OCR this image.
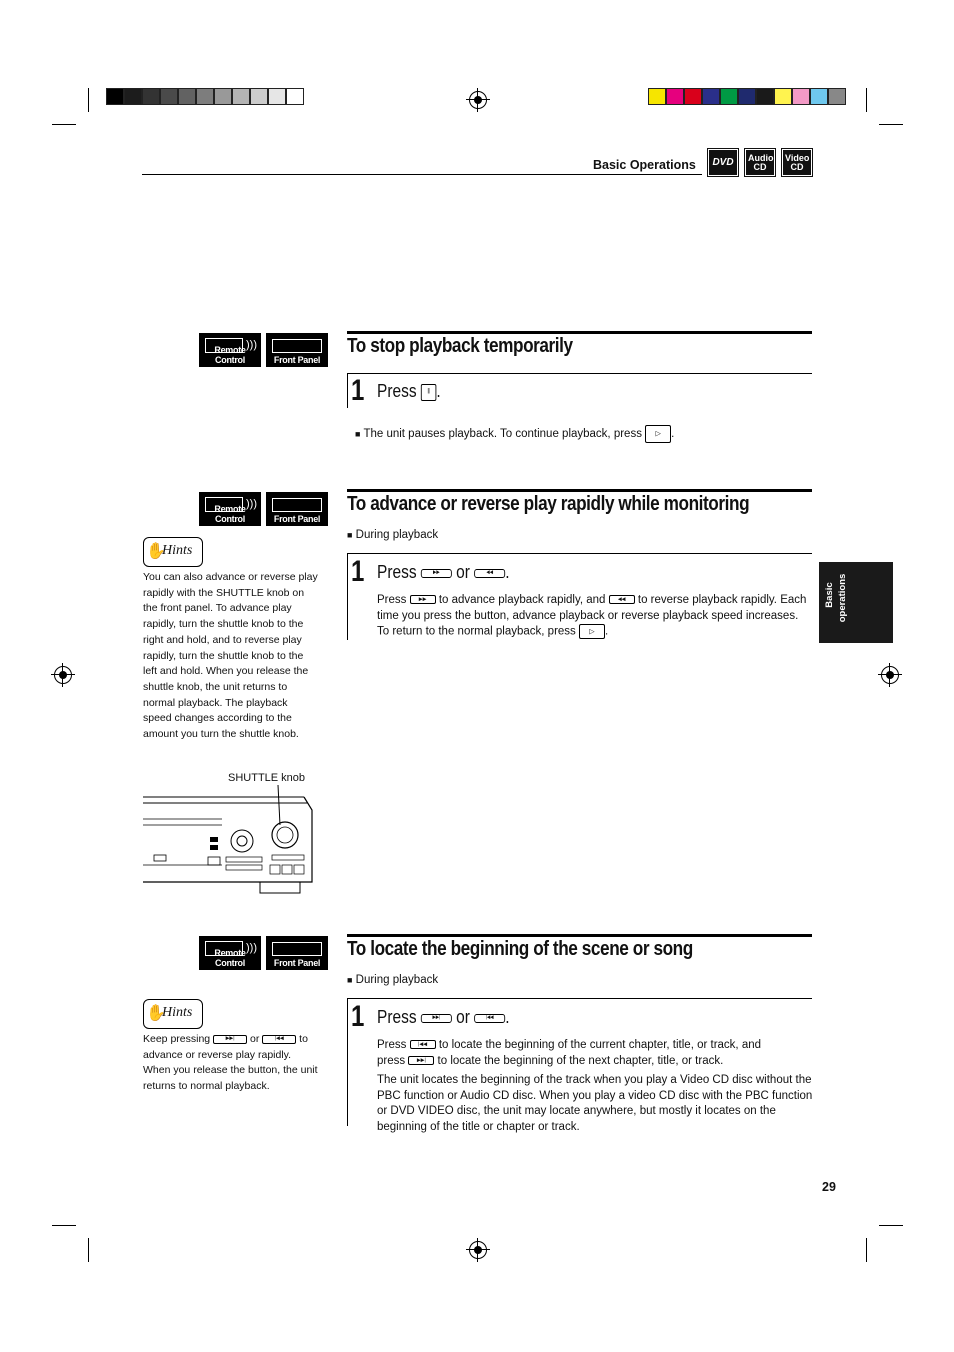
Basic Operations DVD Audio
CD
Video
CD
)))
Remote Control	Front Panel
To stop playback temporarily
1 Press	‖ .
■ The unit pauses playback. To continue playback, press	▷ .
)))
Remote Control	Front Panel
To advance or reverse play rapidly while monitoring
■ During playback
1 Press	▶▶ or	◀◀ .
Press	▶▶	to advance playback rapidly, and	◀◀	to reverse playback rapidly. Each time you press the button, advance playback or reverse playback speed increases. To return to the normal playback, press	▷ .
Basic operations
✋
Hints
You can also advance or reverse play rapidly with the SHUTTLE knob on the front panel. To advance play rapidly, turn the shuttle knob to the right and hold, and to reverse play rapidly, turn the shuttle knob to the left and hold. When you release the shuttle knob, the unit returns to normal playback. The playback speed changes according to the amount you turn the shuttle knob.
SHUTTLE knob
)))
Remote Control	Front Panel
To locate the beginning of the scene or song
■ During playback
1 Press	▶▶| or	|◀◀ .
Press	|◀◀	to locate the beginning of the current chapter, title, or track, and
press	▶▶|	to locate the beginning of the next chapter, title, or track.
The unit locates the beginning of the track when you play a Video CD disc without the PBC function or Audio CD disc. When you play a video CD disc with the PBC function or DVD VIDEO disc, the unit may locate anywhere, but mostly it locates on the beginning of the title or chapter or track.
✋
Hints
Keep pressing	▶▶|	or	|◀◀	to advance or reverse play rapidly. When you release the button, the unit returns to normal playback.
29
